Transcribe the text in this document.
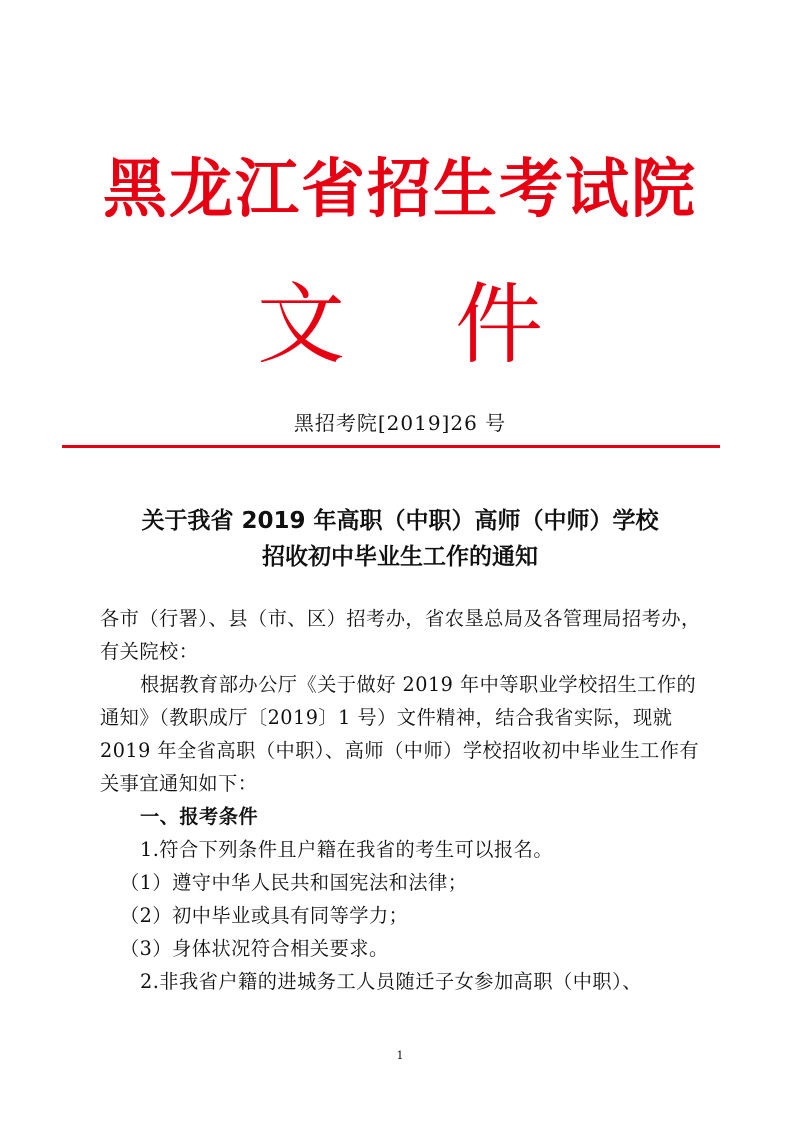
黑龙江省招生考试院
文件
黑招考院[2019]26 号
关于我省 2019 年高职（中职）高师（中师）学校
招收初中毕业生工作的通知

各市（行署）、县（市、区）招考办，省农垦总局及各管理局招考办，有关院校：

根据教育部办公厅《关于做好 2019 年中等职业学校招生工作的通知》（教职成厅〔2019〕1 号）文件精神，结合我省实际，现就 2019 年全省高职（中职）、高师（中师）学校招收初中毕业生工作有关事宜通知如下：

一、报考条件

1.符合下列条件且户籍在我省的考生可以报名。

（1）遵守中华人民共和国宪法和法律；

（2）初中毕业或具有同等学力；

（3）身体状况符合相关要求。

2.非我省户籍的进城务工人员随迁子女参加高职（中职）、

1
